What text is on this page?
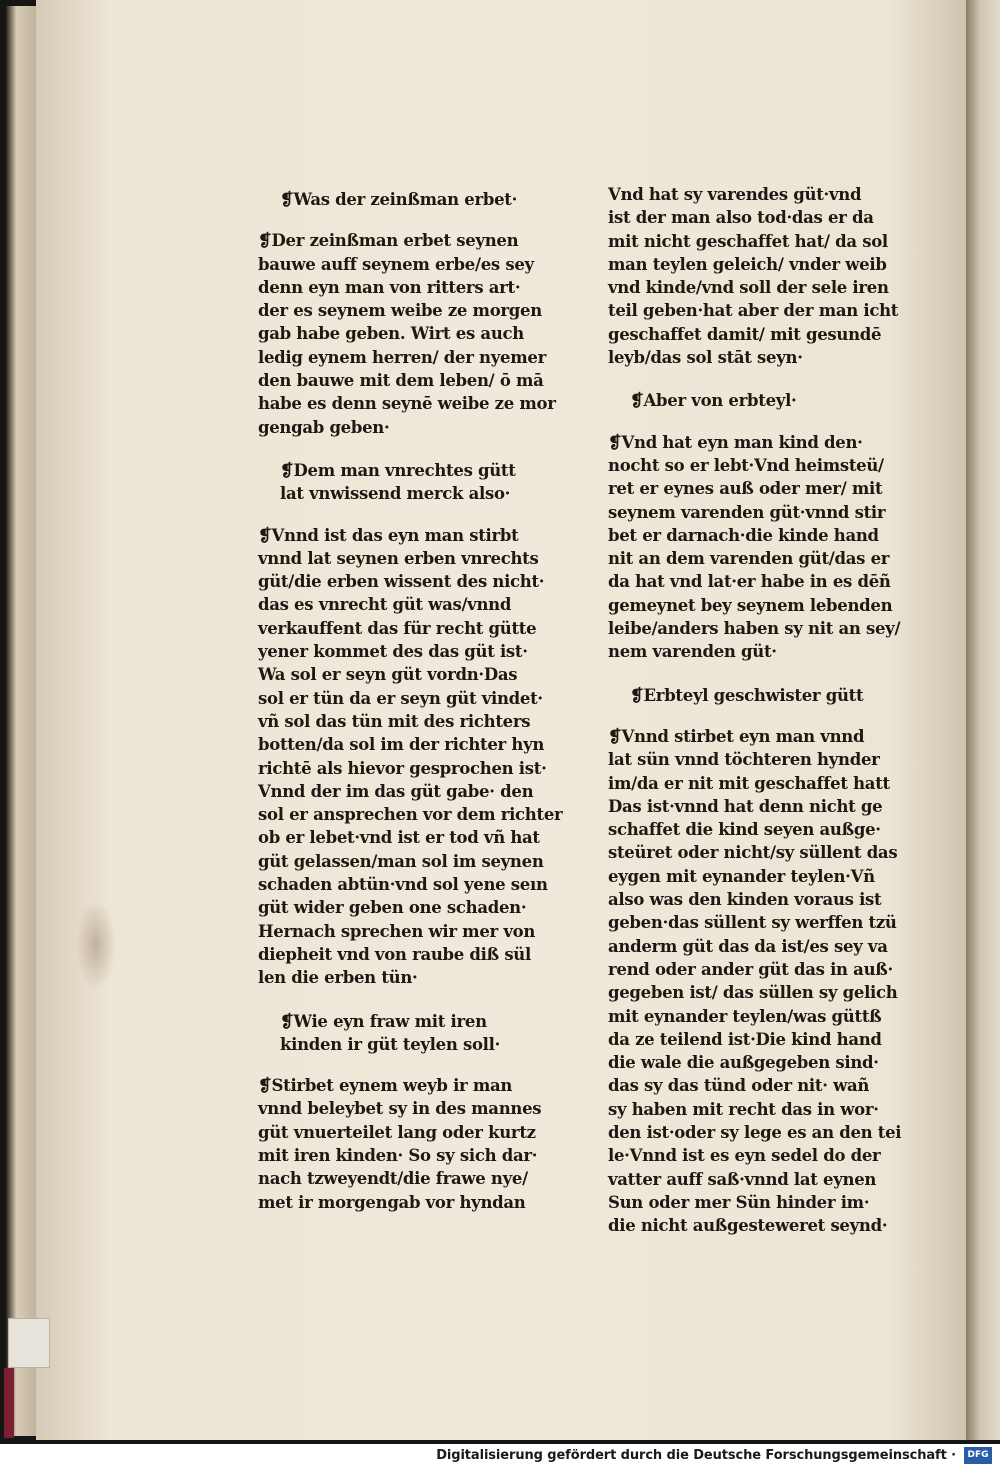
❡Was der zeinßman erbet·
❡Der zeinßman erbet seynen
bauwe auff seynem erbe/es sey
denn eyn man von ritters art·
der es seynem weibe ze morgen
gab habe geben. Wirt es auch
ledig eynem herren/ der nyemer
den bauwe mit dem leben/ ō mā
habe es denn seynē weibe ze mor
gengab geben·
❡Dem man vnrechtes gütt
lat vnwissend merck also·
❡Vnnd ist das eyn man stirbt
vnnd lat seynen erben vnrechts
güt/die erben wissent des nicht·
das es vnrecht güt was/vnnd
verkauffent das für recht gütte
yener kommet des das güt ist·
Wa sol er seyn güt vordn·Das
sol er tün da er seyn güt vindet·
vñ sol das tün mit des richters
botten/da sol im der richter hyn
richtē als hievor gesprochen ist·
Vnnd der im das güt gabe· den
sol er ansprechen vor dem richter
ob er lebet·vnd ist er tod vñ hat
güt gelassen/man sol im seynen
schaden abtün·vnd sol yene seın
güt wider geben one schaden·
Hernach sprechen wir mer von
diepheit vnd von raube diß sül
len die erben tün·
❡Wie eyn fraw mit iren
kinden ir güt teylen soll·
❡Stirbet eynem weyb ir man
vnnd beleybet sy in des mannes
güt vnuerteilet lang oder kurtz
mit iren kinden· So sy sich dar·
nach tzweyendt/die frawe nye/
met ir morgengab vor hyndan
Vnd hat sy varendes güt·vnd
ist der man also tod·das er da
mit nicht geschaffet hat/ da sol
man teylen geleich/ vnder weib
vnd kinde/vnd soll der sele iren
teil geben·hat aber der man icht
geschaffet damit/ mit gesundē
leyb/das sol stāt seyn·
❡Aber von erbteyl·
❡Vnd hat eyn man kind den·
nocht so er lebt·Vnd heimsteü/
ret er eynes auß oder mer/ mit
seynem varenden güt·vnnd stir
bet er darnach·die kinde hand
nit an dem varenden güt/das er
da hat vnd lat·er habe in es dēñ
gemeynet bey seynem lebenden
leibe/anders haben sy nit an sey/
nem varenden güt·
❡Erbteyl geschwister gütt
❡Vnnd stirbet eyn man vnnd
lat sün vnnd töchteren hynder
im/da er nit mit geschaffet hatt
Das ist·vnnd hat denn nicht ge
schaffet die kind seyen außge·
steüret oder nicht/sy süllent das
eygen mit eynander teylen·Vñ
also was den kinden voraus ist
geben·das süllent sy werffen tzü
anderm güt das da ist/es sey va
rend oder ander güt das in auß·
gegeben ist/ das süllen sy gelich
mit eynander teylen/was güttß
da ze teilend ist·Die kind hand
die wale die außgegeben sind·
das sy das tünd oder nit· wañ
sy haben mit recht das in wor·
den ist·oder sy lege es an den tei
le·Vnnd ist es eyn sedel do der
vatter auff saß·vnnd lat eynen
Sun oder mer Sün hinder im·
die nicht außgesteweret seynd·
Digitalisierung gefördert durch die Deutsche Forschungsgemeinschaft ·	DFG
